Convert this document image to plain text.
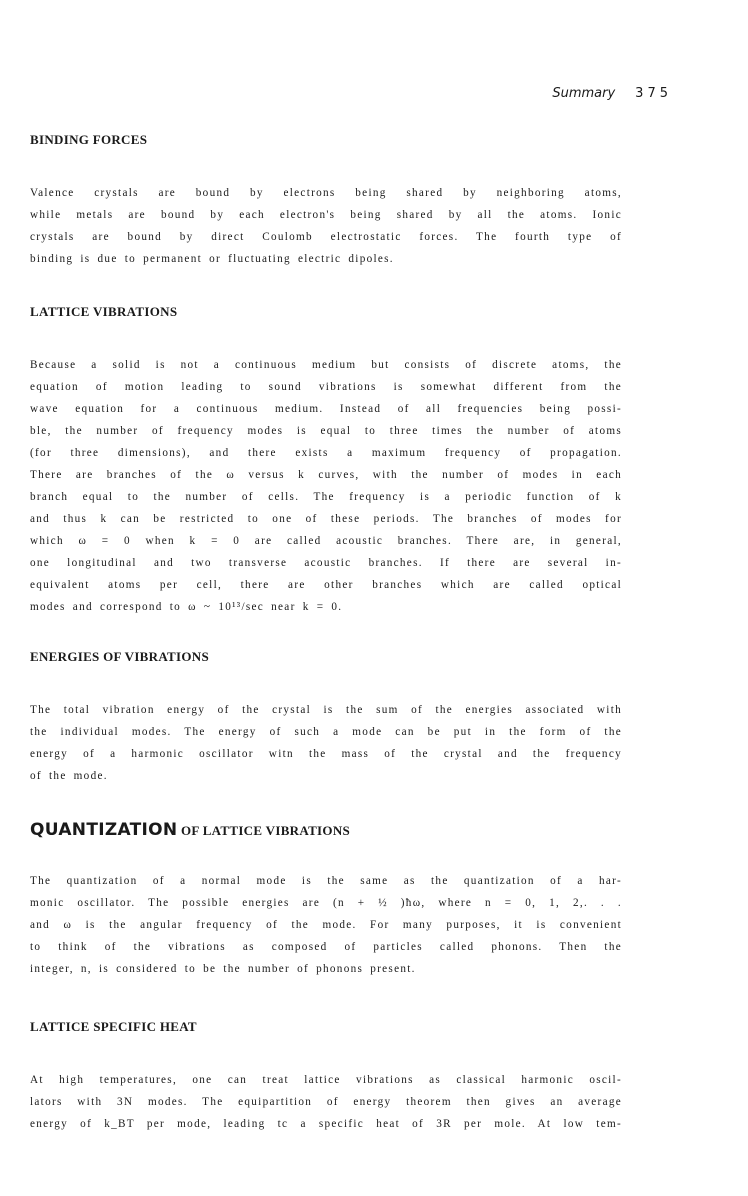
Summary 375
BINDING FORCES

Valence crystals are bound by electrons being shared by neighboring atoms,
while metals are bound by each electron's being shared by all the atoms. Ionic
crystals are bound by direct Coulomb electrostatic forces. The fourth type of
binding is due to permanent or fluctuating electric dipoles.

LATTICE VIBRATIONS

Because a solid is not a continuous medium but consists of discrete atoms, the
equation of motion leading to sound vibrations is somewhat different from the
wave equation for a continuous medium. Instead of all frequencies being possi-
ble, the number of frequency modes is equal to three times the number of atoms
(for three dimensions), and there exists a maximum frequency of propagation.
There are branches of the ω versus k curves, with the number of modes in each
branch equal to the number of cells. The frequency is a periodic function of k
and thus k can be restricted to one of these periods. The branches of modes for
which ω = 0 when k = 0 are called acoustic branches. There are, in general,
one longitudinal and two transverse acoustic branches. If there are several in-
equivalent atoms per cell, there are other branches which are called optical
modes and correspond to ω ~ 10¹³/sec near k = 0.

ENERGIES OF VIBRATIONS

The total vibration energy of the crystal is the sum of the energies associated with
the individual modes. The energy of such a mode can be put in the form of the
energy of a harmonic oscillator witn the mass of the crystal and the frequency
of the mode.

QUANTIZATION OF LATTICE VIBRATIONS

The quantization of a normal mode is the same as the quantization of a har-
monic oscillator. The possible energies are (n + ½ )ħω, where n = 0, 1, 2,. . .
and ω is the angular frequency of the mode. For many purposes, it is convenient
to think of the vibrations as composed of particles called phonons. Then the
integer, n, is considered to be the number of phonons present.

LATTICE SPECIFIC HEAT

At high temperatures, one can treat lattice vibrations as classical harmonic oscil-
lators with 3N modes. The equipartition of energy theorem then gives an average
energy of k_BT per mode, leading tc a specific heat of 3R per mole. At low tem-
